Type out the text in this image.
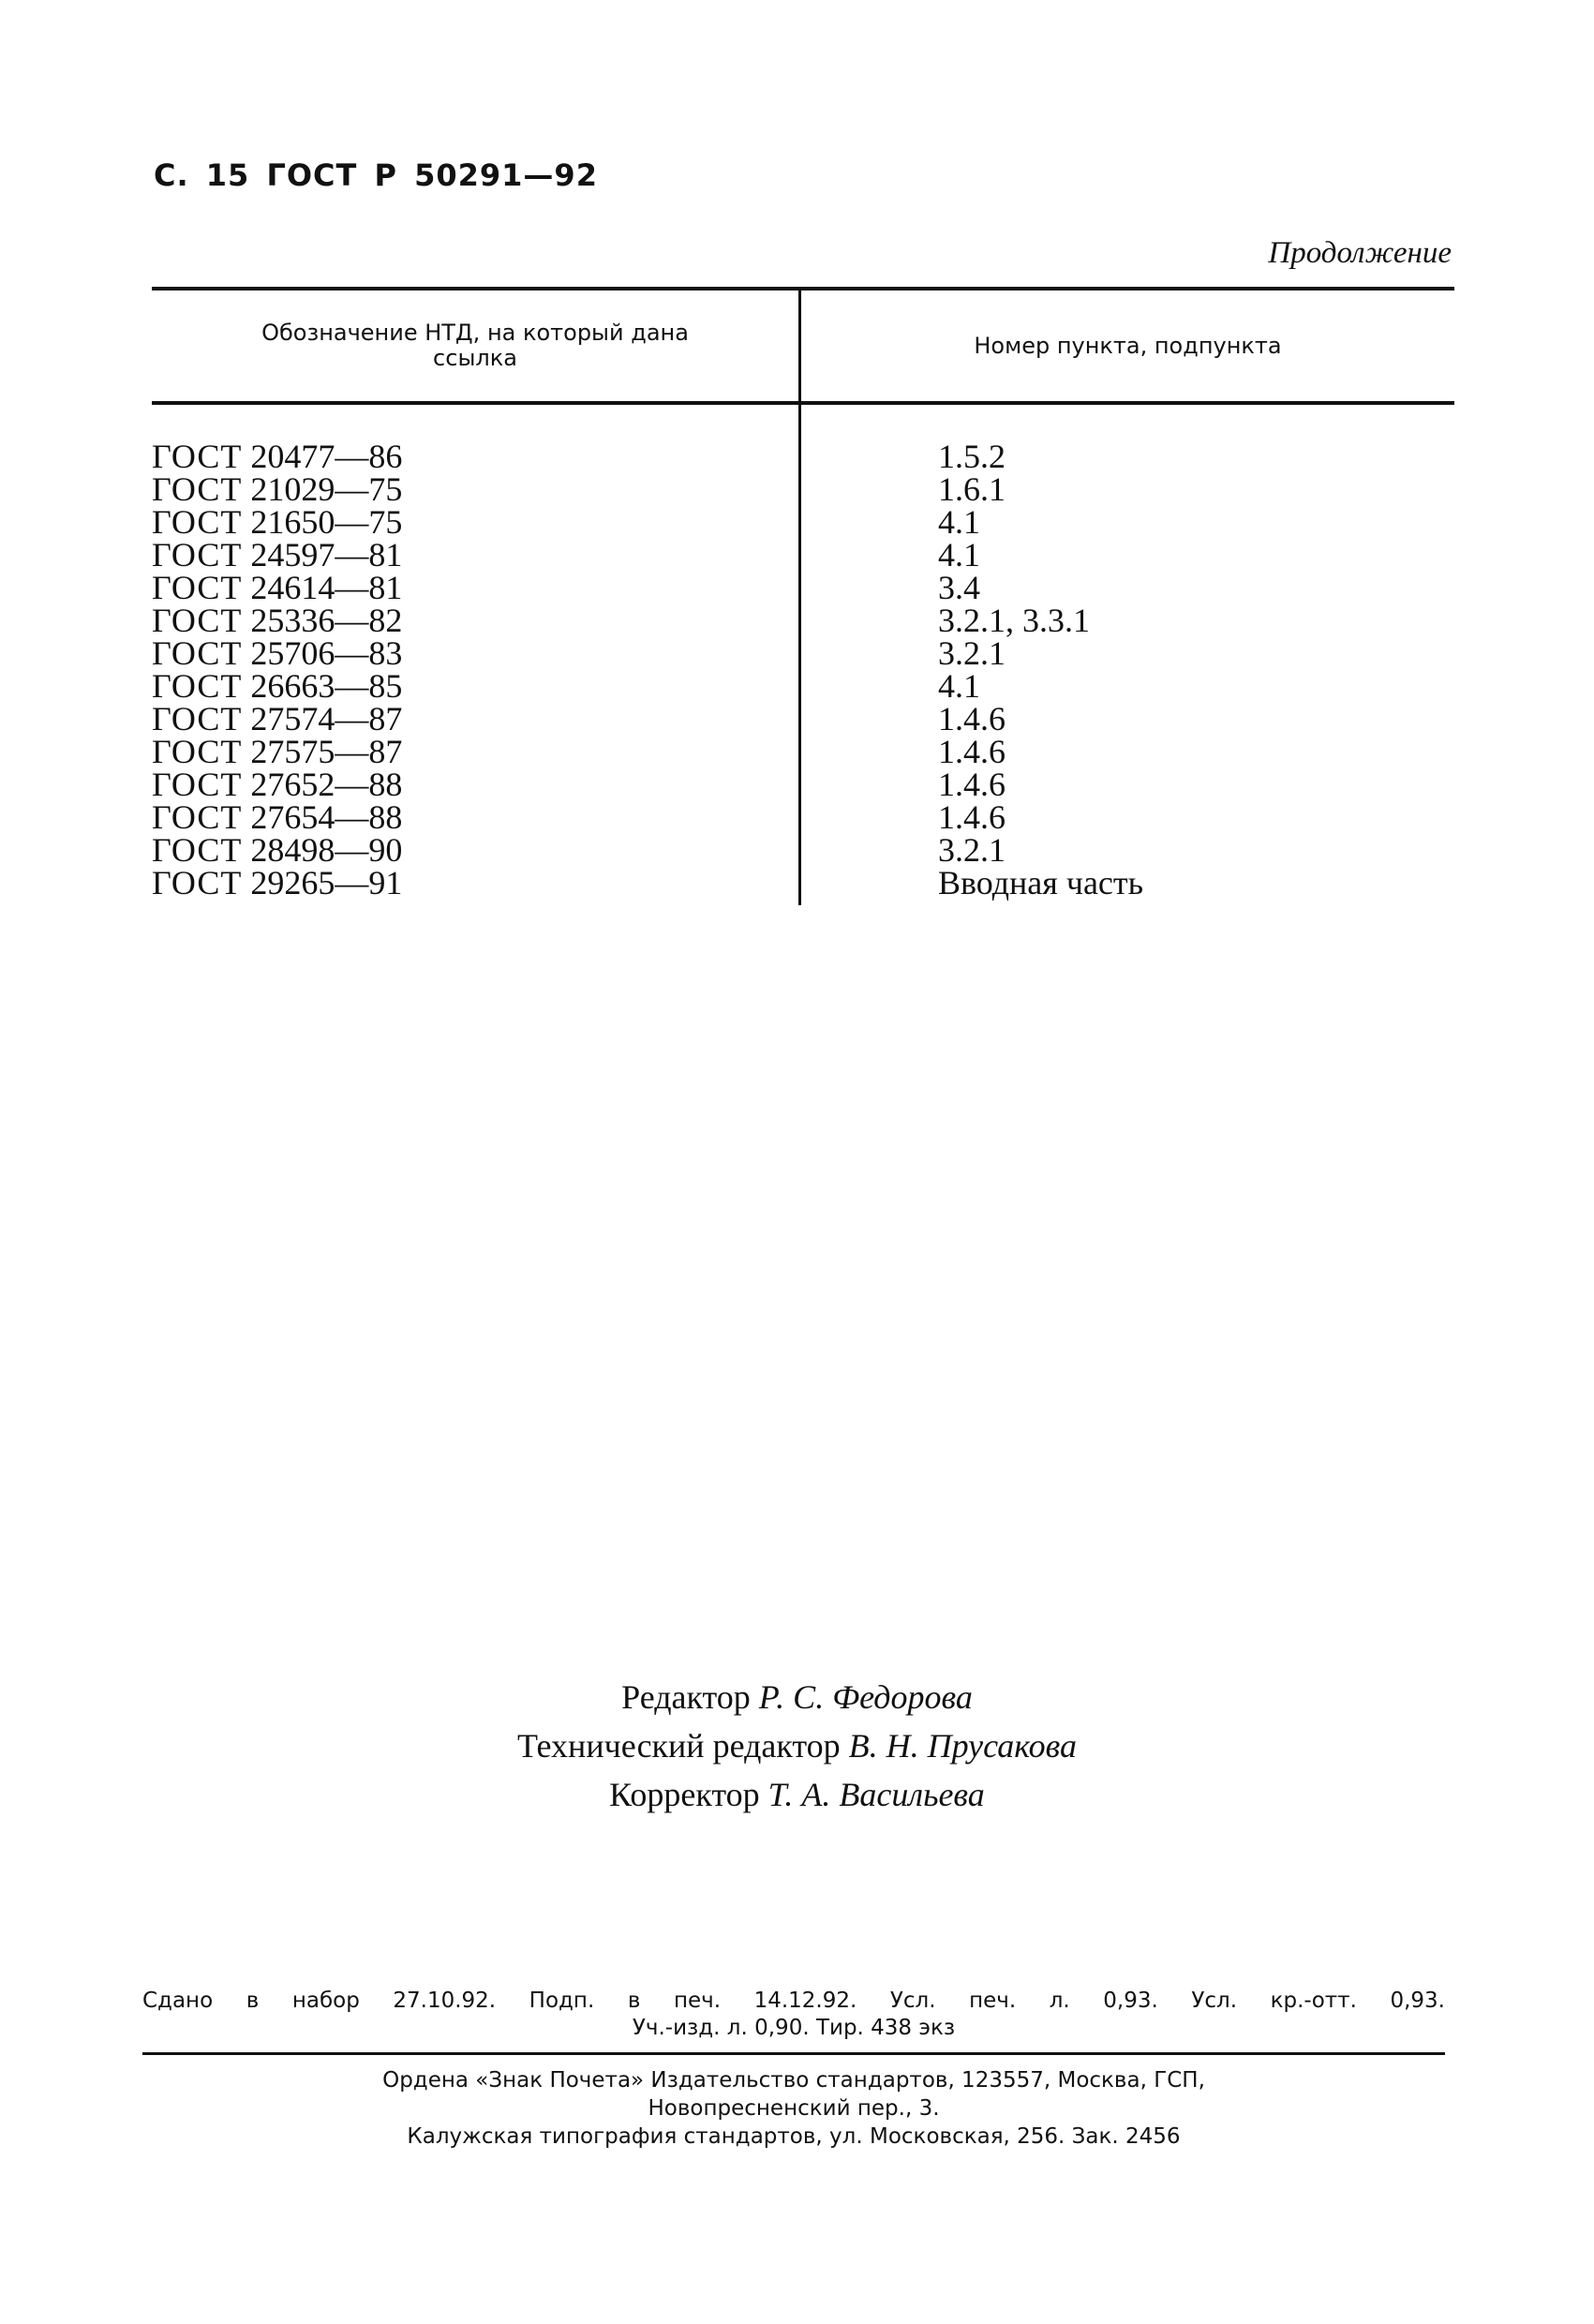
С. 15 ГОСТ Р 50291—92
Продолжение
Обозначение НТД, на который дана ссылка	Номер пункта, подпункта
ГОСТ 20477—86
ГОСТ 21029—75
ГОСТ 21650—75
ГОСТ 24597—81
ГОСТ 24614—81
ГОСТ 25336—82
ГОСТ 25706—83
ГОСТ 26663—85
ГОСТ 27574—87
ГОСТ 27575—87
ГОСТ 27652—88
ГОСТ 27654—88
ГОСТ 28498—90
ГОСТ 29265—91
1.5.2
1.6.1
4.1
4.1
3.4
3.2.1, 3.3.1
3.2.1
4.1
1.4.6
1.4.6
1.4.6
1.4.6
3.2.1
Вводная часть
Редактор Р. С. Федорова
Технический редактор В. Н. Прусакова
Корректор Т. А. Васильева
Сдано в набор 27.10.92. Подп. в печ. 14.12.92. Усл. печ. л. 0,93. Усл. кр.-отт. 0,93.
Уч.-изд. л. 0,90. Тир. 438 экз
Ордена «Знак Почета» Издательство стандартов, 123557, Москва, ГСП,
Новопресненский пер., 3.
Калужская типография стандартов, ул. Московская, 256. Зак. 2456
